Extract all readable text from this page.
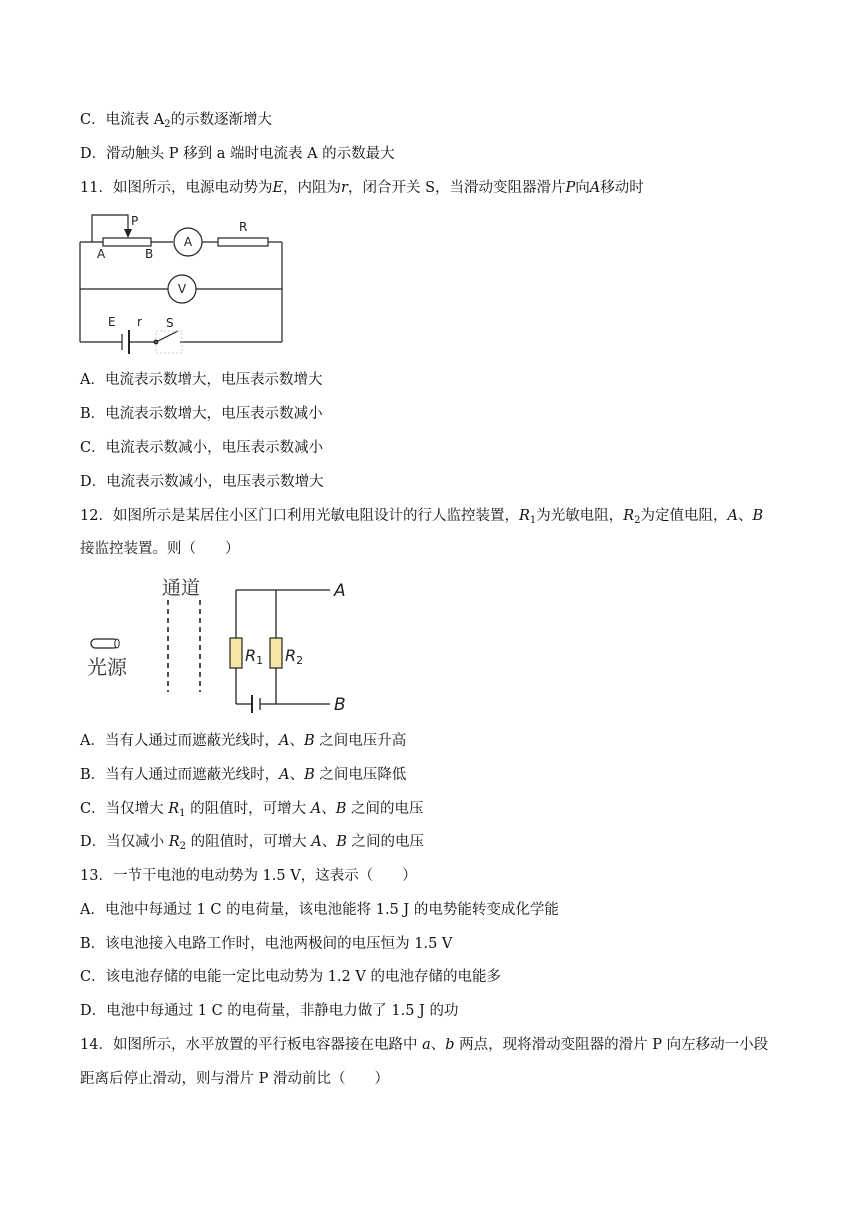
C．电流表 $A_2$的示数逐渐增大
D．滑动触头 P 移到 a 端时电流表 A 的示数最大
11．如图所示，电源电动势为E，内阻为r，闭合开关 S，当滑动变阻器滑片P向A移动时
P
A	B
A
R
V
E r S
A．电流表示数增大，电压表示数增大
B．电流表示数增大，电压表示数减小
C．电流表示数减小，电压表示数减小
D．电流表示数减小，电压表示数增大
12．如图所示是某居住小区门口利用光敏电阻设计的行人监控装置，$R_1$为光敏电阻，$R_2$为定值电阻，A、B
接监控装置。则（　　）
光源
通道
R1 R2
A
B
A．当有人通过而遮蔽光线时，A、B 之间电压升高
B．当有人通过而遮蔽光线时，A、B 之间电压降低
C．当仅增大 $R_1$ 的阻值时，可增大 A、B 之间的电压
D．当仅减小 $R_2$ 的阻值时，可增大 A、B 之间的电压
13．一节干电池的电动势为 1.5 V，这表示（　　）
A．电池中每通过 1 C 的电荷量，该电池能将 1.5 J 的电势能转变成化学能
B．该电池接入电路工作时，电池两极间的电压恒为 1.5 V
C．该电池存储的电能一定比电动势为 1.2 V 的电池存储的电能多
D．电池中每通过 1 C 的电荷量，非静电力做了 1.5 J 的功
14．如图所示，水平放置的平行板电容器接在电路中 a、b 两点，现将滑动变阻器的滑片 P 向左移动一小段
距离后停止滑动，则与滑片 P 滑动前比（　　）
